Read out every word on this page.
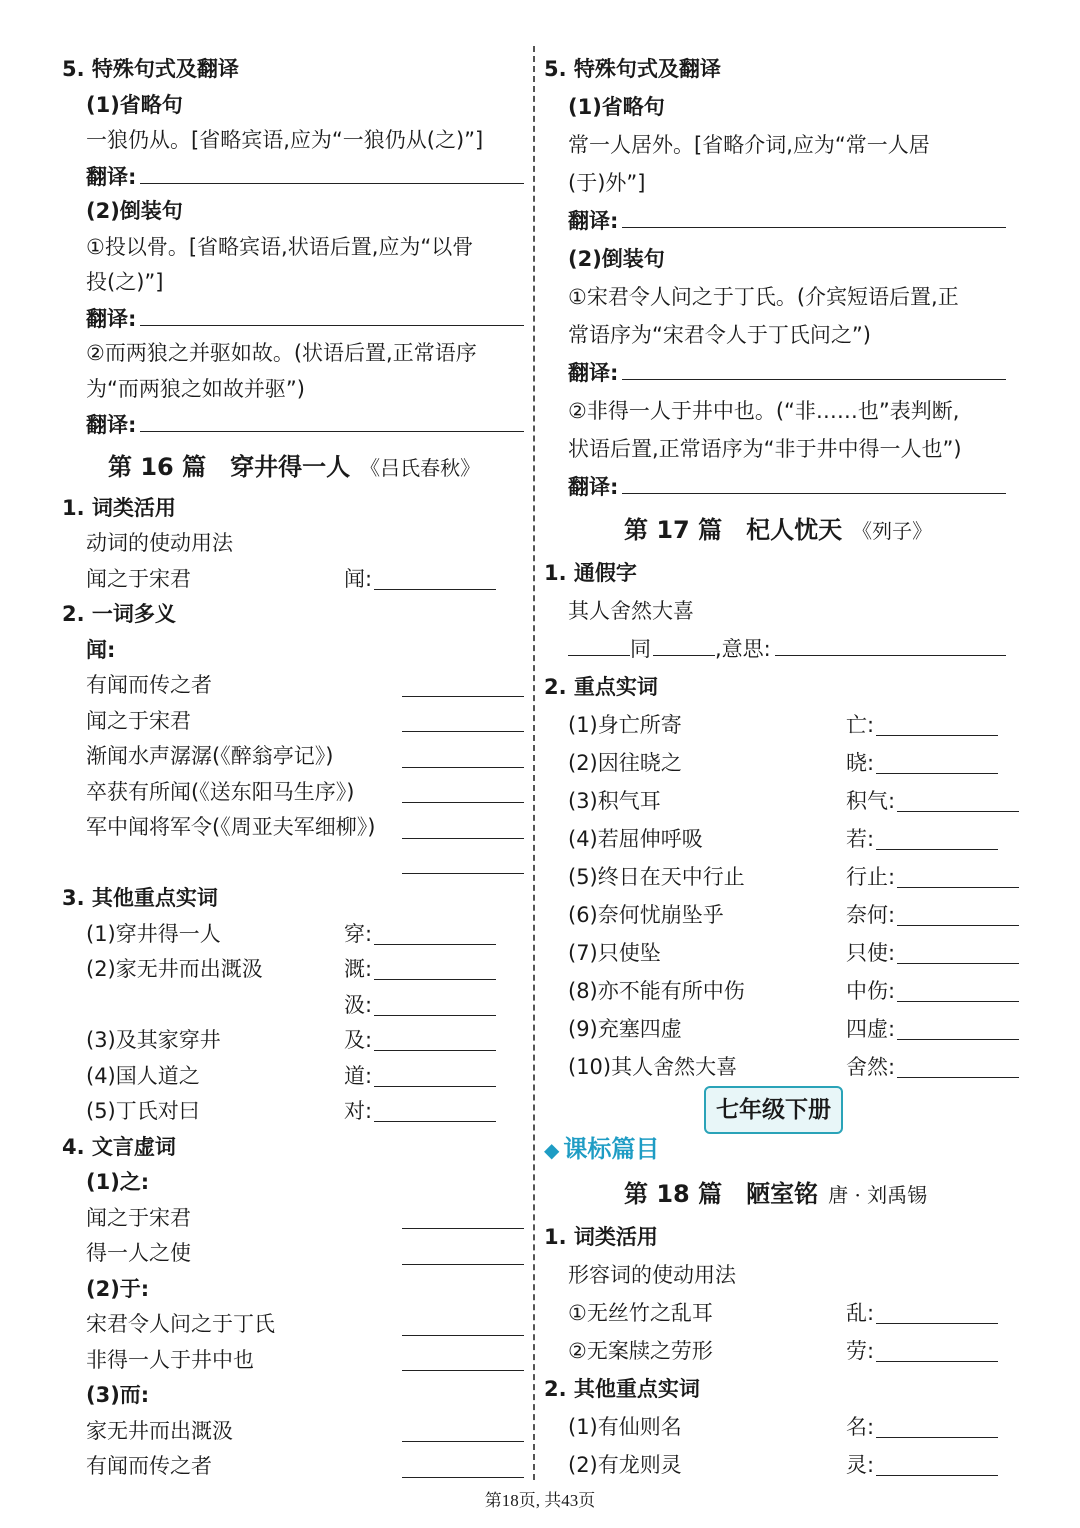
5. 特殊句式及翻译
(1)省略句
一狼仍从。[省略宾语,应为“一狼仍从(之)”]
翻译:
(2)倒装句
①投以骨。[省略宾语,状语后置,应为“以骨
投(之)”]
翻译:
②而两狼之并驱如故。(状语后置,正常语序
为“而两狼之如故并驱”)
翻译:
第 16 篇　穿井得一人 《吕氏春秋》
1. 词类活用
动词的使动用法
闻之于宋君	闻:
2. 一词多义
闻:
有闻而传之者
闻之于宋君
渐闻水声潺潺(《醉翁亭记》)
卒获有所闻(《送东阳马生序》)
军中闻将军令(《周亚夫军细柳》)
3. 其他重点实词
(1)穿井得一人	穿:
(2)家无井而出溉汲	溉:
汲:
(3)及其家穿井	及:
(4)国人道之	道:
(5)丁氏对曰	对:
4. 文言虚词
(1)之:
闻之于宋君
得一人之使
(2)于:
宋君令人问之于丁氏
非得一人于井中也
(3)而:
家无井而出溉汲
有闻而传之者
5. 特殊句式及翻译
(1)省略句
常一人居外。[省略介词,应为“常一人居
(于)外”]
翻译:
(2)倒装句
①宋君令人问之于丁氏。(介宾短语后置,正
常语序为“宋君令人于丁氏问之”)
翻译:
②非得一人于井中也。(“非……也”表判断,
状语后置,正常语序为“非于井中得一人也”)
翻译:
第 17 篇　杞人忧天 《列子》
1. 通假字
其人舍然大喜
同	,意思:
2. 重点实词
(1)身亡所寄	亡:
(2)因往晓之	晓:
(3)积气耳	积气:
(4)若屈伸呼吸	若:
(5)终日在天中行止	行止:
(6)奈何忧崩坠乎	奈何:
(7)只使坠	只使:
(8)亦不能有所中伤	中伤:
(9)充塞四虚	四虚:
(10)其人舍然大喜	舍然:
七年级下册
◆ 课标篇目
第 18 篇　陋室铭 唐 · 刘禹锡
1. 词类活用
形容词的使动用法
①无丝竹之乱耳	乱:
②无案牍之劳形	劳:
2. 其他重点实词
(1)有仙则名	名:
(2)有龙则灵	灵:
第18页, 共43页
